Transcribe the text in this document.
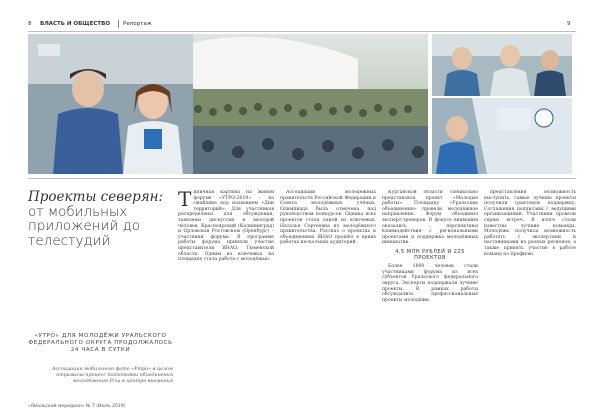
8 ВЛАСТЬ И ОБЩЕСТВО Репортаж	9
Проекты северян:
от мобильных приложений до телестудий
«УТРО» ДЛЯ МОЛОДЁЖИ УРАЛЬСКОГО ФЕДЕРАЛЬНОГО ОКРУГА ПРОДОЛЖАЛОСЬ 24 ЧАСА В СУТКИ
Ассоциация мобильного фото «Утро» в целом отражала процесс подготовки объединения молодёжного Рсщ в центре внимания
Т ипичная картина на живом форуме «УТРО-2019» – на смайлике под названием «Дни территорий». Для участников распределены для обсуждения, заявлены дискуссии и молодой человек. Красноярский (Калининград) и Орловская Ростовском (Оренбург) – участники форума. В программе работы форума приняли участие представители ЯНАО, Тюменской области. Одним из ключевых на площадке стала работа с молодёжью.

Ассоциации молодёжных правительств Российской Федерации и Совета молодёжных учёных. Олимпиада была отмечена под руководством конкурсов. Оценка всех проектов стала одной из ключевых. Наталья Сергеевна из молодёжного правительства. Рассказ о проектах и объединениях ЯНАО прошёл в ярких работах нескольких аудиторий.

Курганской области специально представляла проект «Молодые работы». Площадку «Уральские объединения» провели молодёжное направление. Форум объединил эксперт-тренеров. В фокусе внимания оказались перспективы взаимодействия с региональными проектами и поддержка молодёжных инициатив.

4,5 МЛН РУБЛЕЙ И 225 ПРОЕКТОВ

Более 1800 человек стали участниками форума из всех субъектов Уральского федерального округа. Эксперты поддержали лучшие проекты. В рамках работы обсуждались профессиональные проекты молодёжи.

представления возможность выступить, самые лучшие проекты получили грантовую поддержку. Соглашения подписаны с ведущими организациями. Участники провели серию встреч. В итоге стали известны лучшие команды. Молодёжь получила возможность работать с экспертами и наставниками из разных регионов, а также принять участие в работе команд по профилю.

«Ямальский меридиан» № 7 (Июль 2019)
